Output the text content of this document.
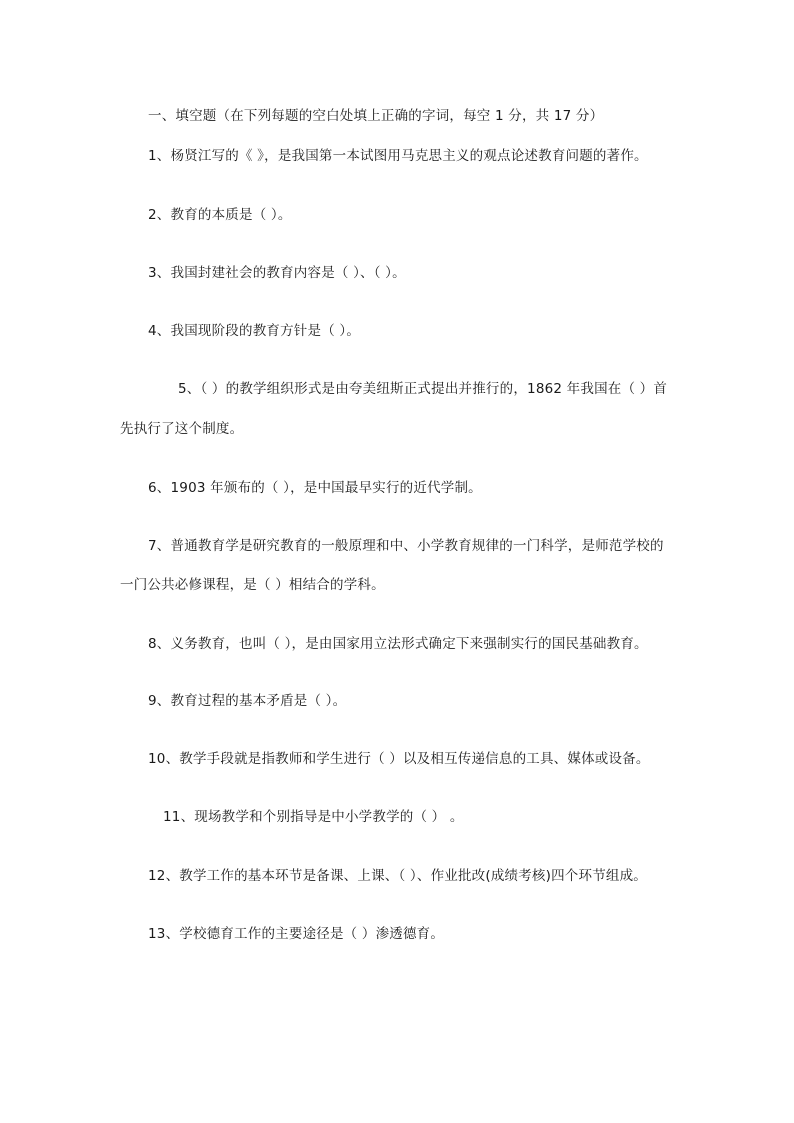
一、填空题（在下列每题的空白处填上正确的字词，每空 1 分，共 17 分）
1、杨贤江写的《 》，是我国第一本试图用马克思主义的观点论述教育问题的著作。
2、教育的本质是（ ）。
3、我国封建社会的教育内容是（ ）、（ ）。
4、我国现阶段的教育方针是（ ）。
5、（ ）的教学组织形式是由夸美纽斯正式提出并推行的，1862 年我国在（ ）首
先执行了这个制度。
6、1903 年颁布的（ ），是中国最早实行的近代学制。
7、普通教育学是研究教育的一般原理和中、小学教育规律的一门科学，是师范学校的
一门公共必修课程，是（ ）相结合的学科。
8、义务教育，也叫（ ），是由国家用立法形式确定下来强制实行的国民基础教育。
9、教育过程的基本矛盾是（ ）。
10、教学手段就是指教师和学生进行（ ）以及相互传递信息的工具、媒体或设备。
11、现场教学和个别指导是中小学教学的（ ） 。
12、教学工作的基本环节是备课、上课、（ ）、作业批改(成绩考核)四个环节组成。
13、学校德育工作的主要途径是（ ）渗透德育。
